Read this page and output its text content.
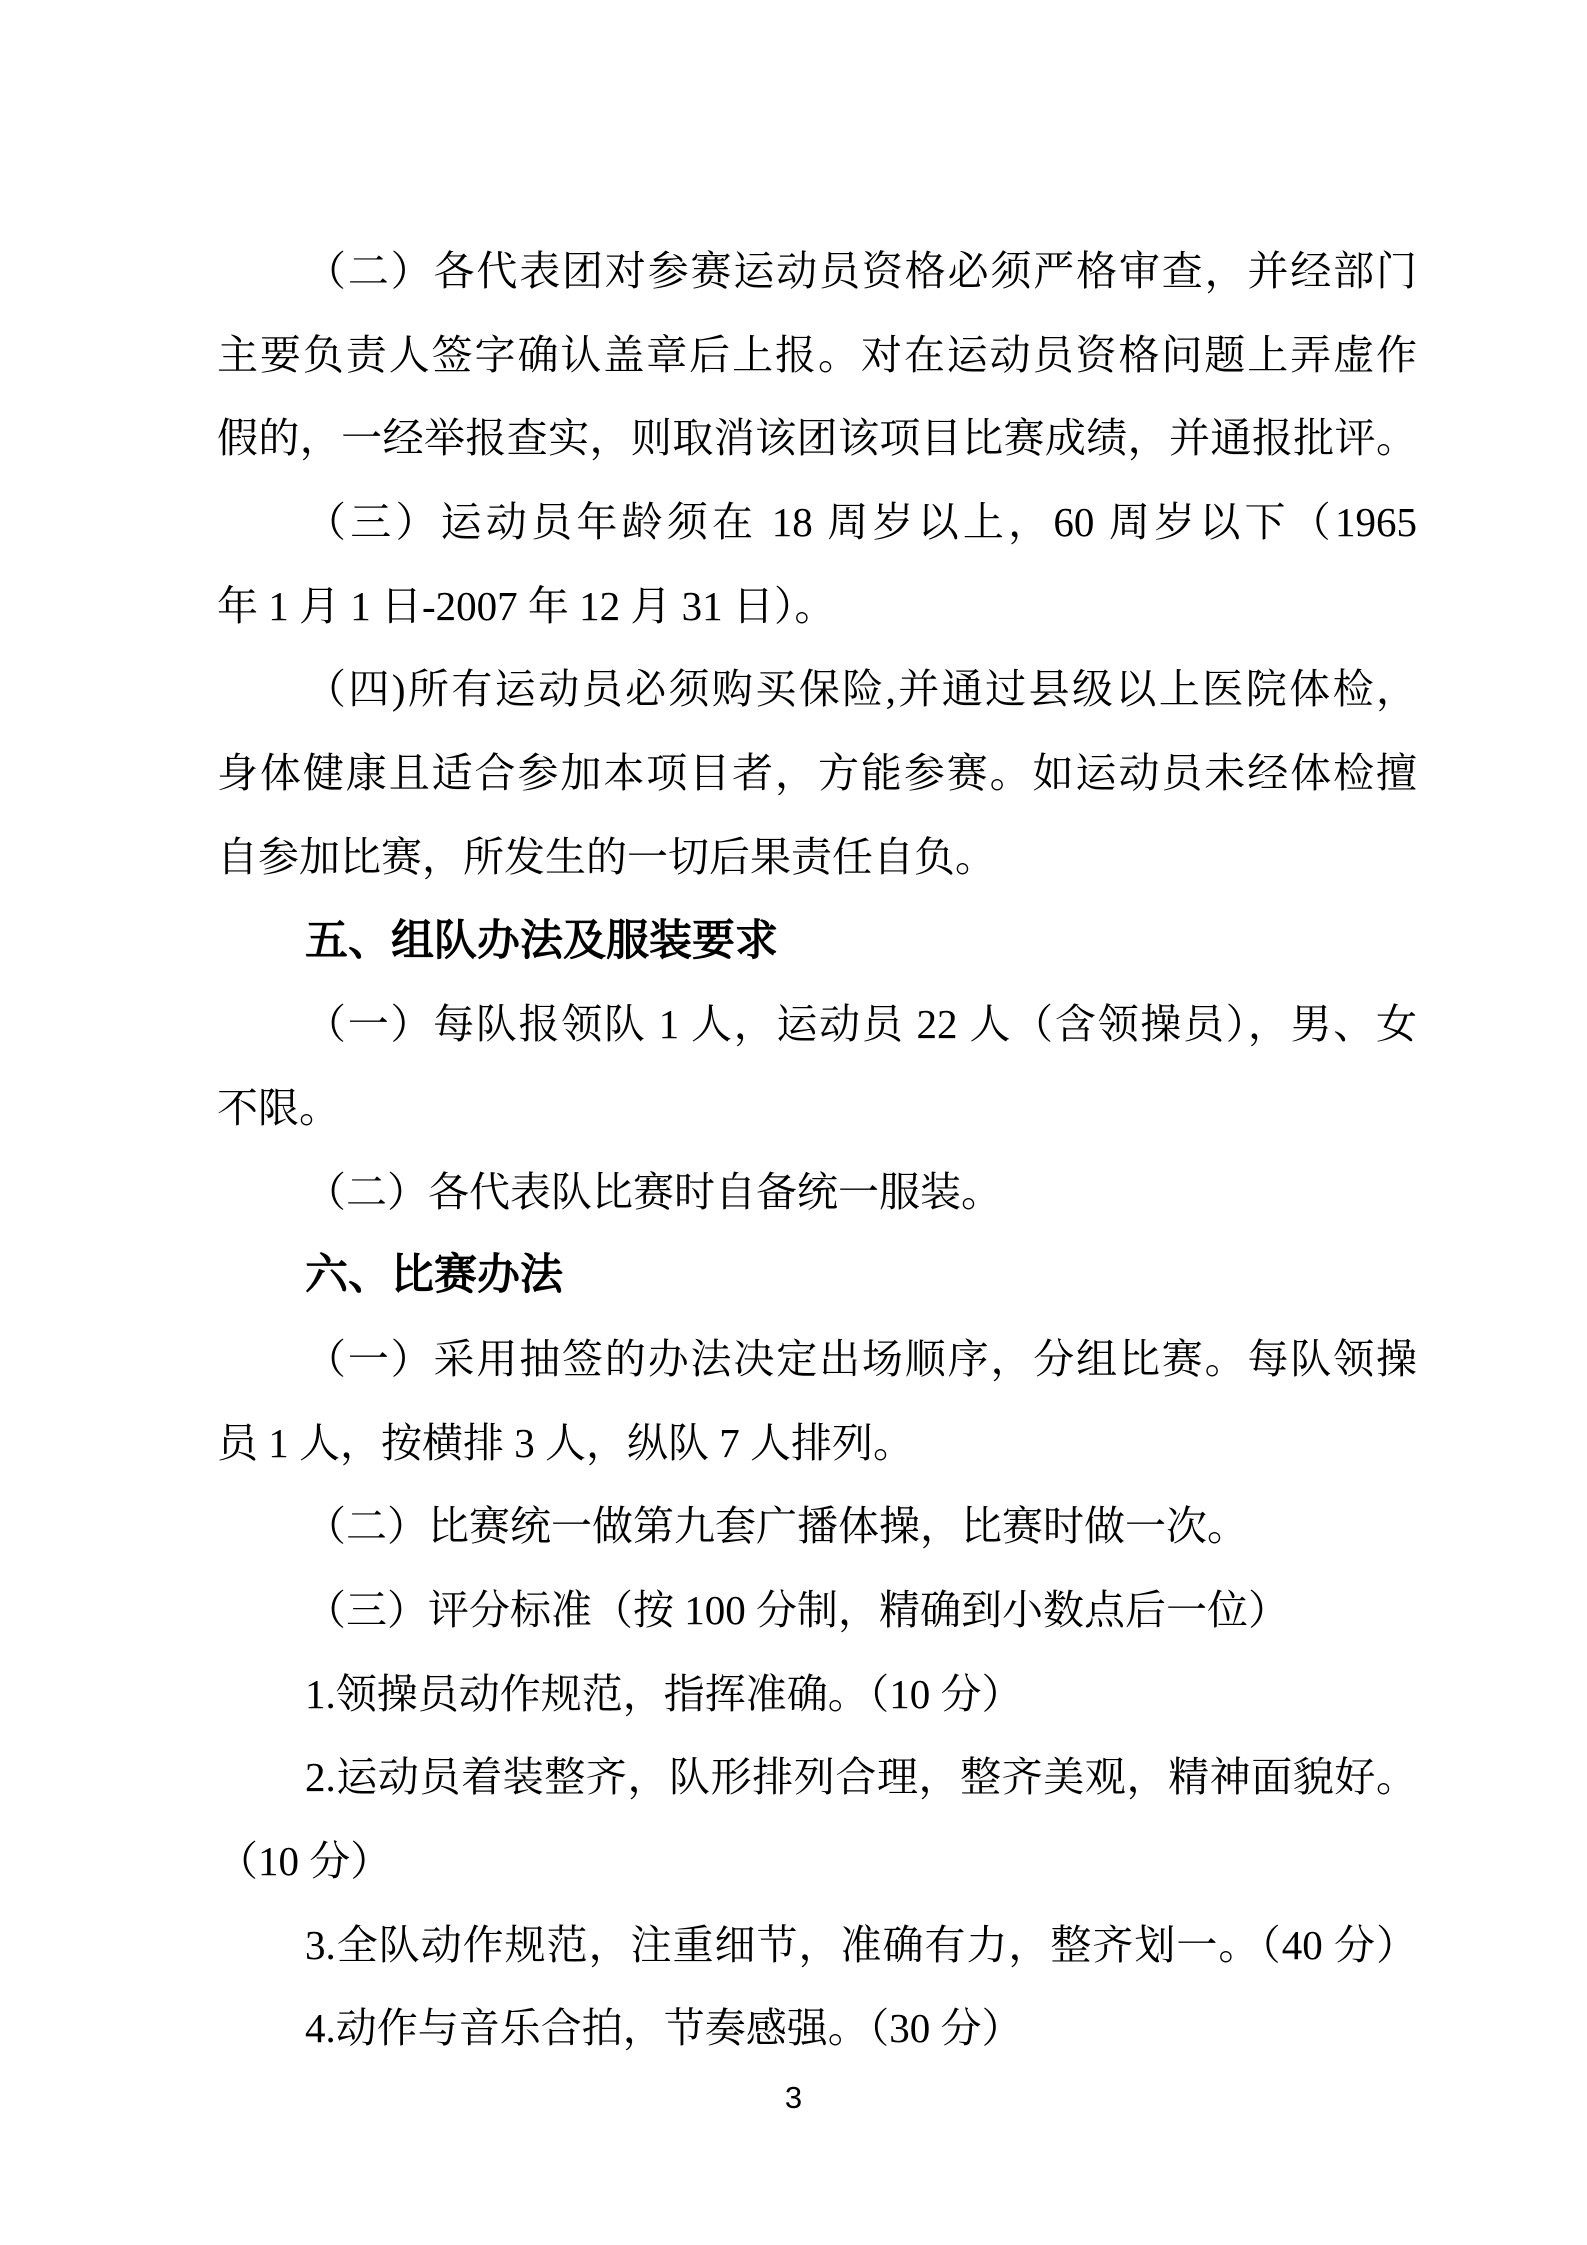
（二）各代表团对参赛运动员资格必须严格审查，并经部门
主要负责人签字确认盖章后上报。对在运动员资格问题上弄虚作
假的，一经举报查实，则取消该团该项目比赛成绩，并通报批评。
（三）运动员年龄须在 18 周岁以上，60 周岁以下（1965
年 1 月 1 日-2007 年 12 月 31 日）。
（四)所有运动员必须购买保险,并通过县级以上医院体检，
身体健康且适合参加本项目者，方能参赛。如运动员未经体检擅
自参加比赛，所发生的一切后果责任自负。
五、组队办法及服装要求
（一）每队报领队 1 人，运动员 22 人（含领操员），男、女
不限。
（二）各代表队比赛时自备统一服装。
六、比赛办法
（一）采用抽签的办法决定出场顺序，分组比赛。每队领操
员 1 人，按横排 3 人，纵队 7 人排列。
（二）比赛统一做第九套广播体操，比赛时做一次。
（三）评分标准（按 100 分制，精确到小数点后一位）
1.领操员动作规范，指挥准确。（10 分）
2.运动员着装整齐，队形排列合理，整齐美观，精神面貌好。
（10 分）
3.全队动作规范，注重细节，准确有力，整齐划一。（40 分）
4.动作与音乐合拍，节奏感强。（30 分）
3
